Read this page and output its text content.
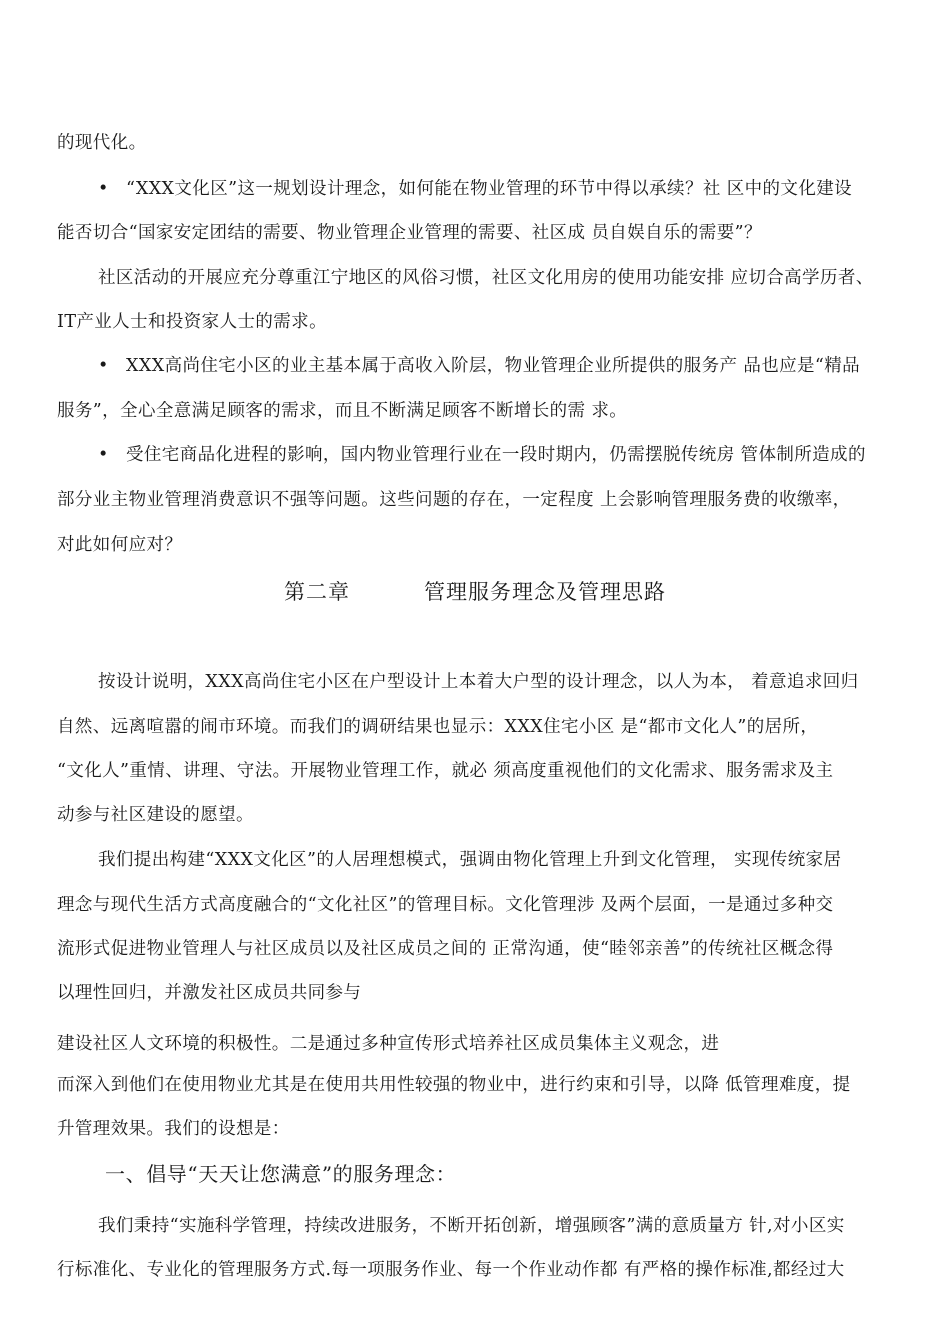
的现代化。
• “XXX文化区”这一规划设计理念，如何能在物业管理的环节中得以承续？社 区中的文化建设
能否切合“国家安定团结的需要、物业管理企业管理的需要、社区成 员自娱自乐的需要”？
社区活动的开展应充分尊重江宁地区的风俗习惯，社区文化用房的使用功能安排 应切合高学历者、
IT产业人士和投资家人士的需求。
• XXX高尚住宅小区的业主基本属于高收入阶层，物业管理企业所提供的服务产 品也应是“精品
服务”，全心全意满足顾客的需求，而且不断满足顾客不断增长的需 求。
• 受住宅商品化进程的影响，国内物业管理行业在一段时期内，仍需摆脱传统房 管体制所造成的
部分业主物业管理消费意识不强等问题。这些问题的存在，一定程度 上会影响管理服务费的收缴率，
对此如何应对？
第二章	管理服务理念及管理思路
按设计说明，XXX高尚住宅小区在户型设计上本着大户型的设计理念，以人为本， 着意追求回归
自然、远离喧嚣的闹市环境。而我们的调研结果也显示：XXX住宅小区 是“都市文化人”的居所，
“文化人”重情、讲理、守法。开展物业管理工作，就必 须高度重视他们的文化需求、服务需求及主
动参与社区建设的愿望。
我们提出构建“XXX文化区”的人居理想模式，强调由物化管理上升到文化管理， 实现传统家居
理念与现代生活方式高度融合的“文化社区”的管理目标。文化管理涉 及两个层面，一是通过多种交
流形式促进物业管理人与社区成员以及社区成员之间的 正常沟通，使“睦邻亲善”的传统社区概念得
以理性回归，并激发社区成员共同参与
建设社区人文环境的积极性。二是通过多种宣传形式培养社区成员集体主义观念，进
而深入到他们在使用物业尤其是在使用共用性较强的物业中，进行约束和引导，以降 低管理难度，提
升管理效果。我们的设想是：
一、倡导“天天让您满意”的服务理念：
我们秉持“实施科学管理，持续改进服务，不断开拓创新，增强顾客”满的意质量方 针,对小区实
行标准化、专业化的管理服务方式.每一项服务作业、每一个作业动作都 有严格的操作标准,都经过大
